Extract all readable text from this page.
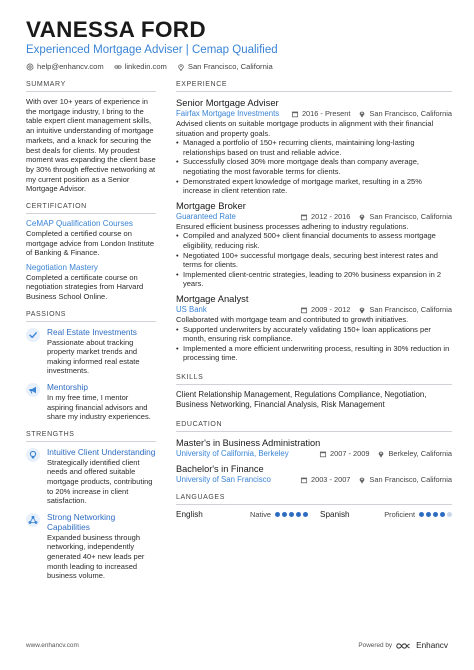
VANESSA FORD
Experienced Mortgage Adviser | Cemap Qualified
help@enhancv.com	linkedin.com	San Francisco, California
SUMMARY
With over 10+ years of experience in the mortgage industry, I bring to the table expert client management skills, an intuitive understanding of mortgage markets, and a knack for securing the best deals for clients. My proudest moment was expanding the client base by 30% through effective networking at my current position as a Senior Mortgage Advisor.
CERTIFICATION
CeMAP Qualification Courses
Completed a certified course on mortgage advice from London Institute of Banking & Finance.
Negotiation Mastery
Completed a certificate course on negotiation strategies from Harvard Business School Online.
PASSIONS
Real Estate Investments
Passionate about tracking property market trends and making informed real estate investments.
Mentorship
In my free time, I mentor aspiring financial advisors and share my industry experiences.
STRENGTHS
Intuitive Client Understanding
Strategically identified client needs and offered suitable mortgage products, contributing to 20% increase in client satisfaction.
Strong Networking Capabilities
Expanded business through networking, independently generated 40+ new leads per month leading to increased business volume.
EXPERIENCE
Senior Mortgage Adviser
Fairfax Mortgage Investments	2016 - Present	San Francisco, California
Advised clients on suitable mortgage products in alignment with their financial situation and property goals.
• Managed a portfolio of 150+ recurring clients, maintaining long-lasting relationships based on trust and reliable advice.
• Successfully closed 30% more mortgage deals than company average, negotiating the most favorable terms for clients.
• Demonstrated expert knowledge of mortgage market, resulting in a 25% increase in client retention rate.
Mortgage Broker
Guaranteed Rate	2012 - 2016	San Francisco, California
Ensured efficient business processes adhering to industry regulations.
• Compiled and analyzed 500+ client financial documents to assess mortgage eligibility, reducing risk.
• Negotiated 100+ successful mortgage deals, securing best interest rates and terms for clients.
• Implemented client-centric strategies, leading to 20% business expansion in 2 years.
Mortgage Analyst
US Bank	2009 - 2012	San Francisco, California
Collaborated with mortgage team and contributed to growth initiatives.
• Supported underwriters by accurately validating 150+ loan applications per month, ensuring risk compliance.
• Implemented a more efficient underwriting process, resulting in 30% reduction in processing time.
SKILLS
Client Relationship Management, Regulations Compliance, Negotiation,
Business Networking, Financial Analysis, Risk Management
EDUCATION
Master's in Business Administration
University of California, Berkeley	2007 - 2009	Berkeley, California
Bachelor's in Finance
University of San Francisco	2003 - 2007	San Francisco, California
LANGUAGES
English	Native	Spanish	Proficient
www.enhancv.com	Powered by	Enhancv
